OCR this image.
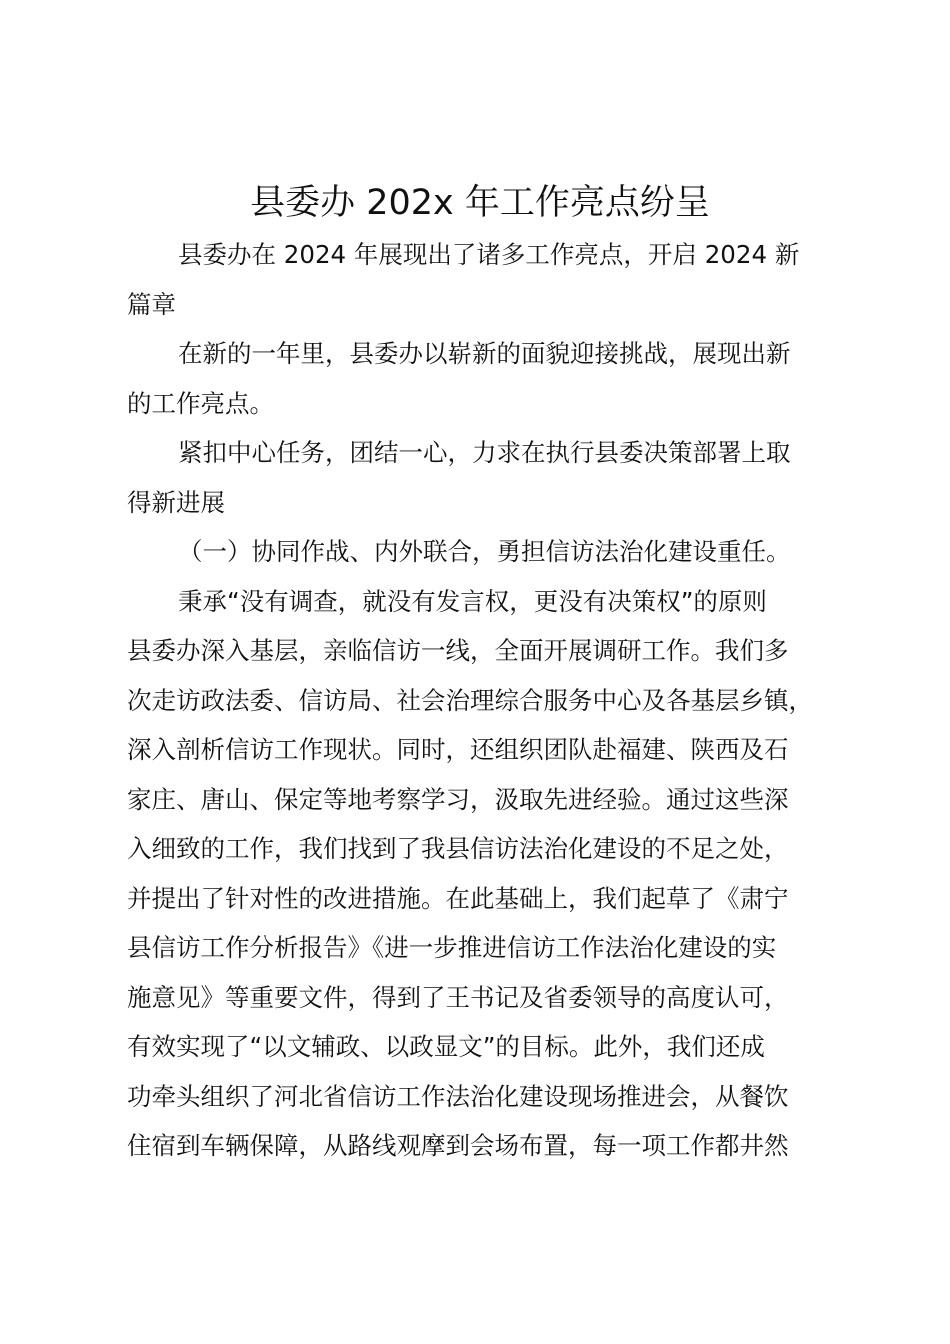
县委办 202x 年工作亮点纷呈
县委办在 2024 年展现出了诸多工作亮点，开启 2024 新
篇章
在新的一年里，县委办以崭新的面貌迎接挑战，展现出新
的工作亮点。
紧扣中心任务，团结一心，力求在执行县委决策部署上取
得新进展
（一）协同作战、内外联合，勇担信访法治化建设重任。
秉承“没有调查，就没有发言权，更没有决策权”的原则
县委办深入基层，亲临信访一线，全面开展调研工作。我们多
次走访政法委、信访局、社会治理综合服务中心及各基层乡镇，
深入剖析信访工作现状。同时，还组织团队赴福建、陕西及石
家庄、唐山、保定等地考察学习，汲取先进经验。通过这些深
入细致的工作，我们找到了我县信访法治化建设的不足之处，
并提出了针对性的改进措施。在此基础上，我们起草了《肃宁
县信访工作分析报告》《进一步推进信访工作法治化建设的实
施意见》等重要文件，得到了王书记及省委领导的高度认可，
有效实现了“以文辅政、以政显文”的目标。此外，我们还成
功牵头组织了河北省信访工作法治化建设现场推进会，从餐饮
住宿到车辆保障，从路线观摩到会场布置，每一项工作都井然
